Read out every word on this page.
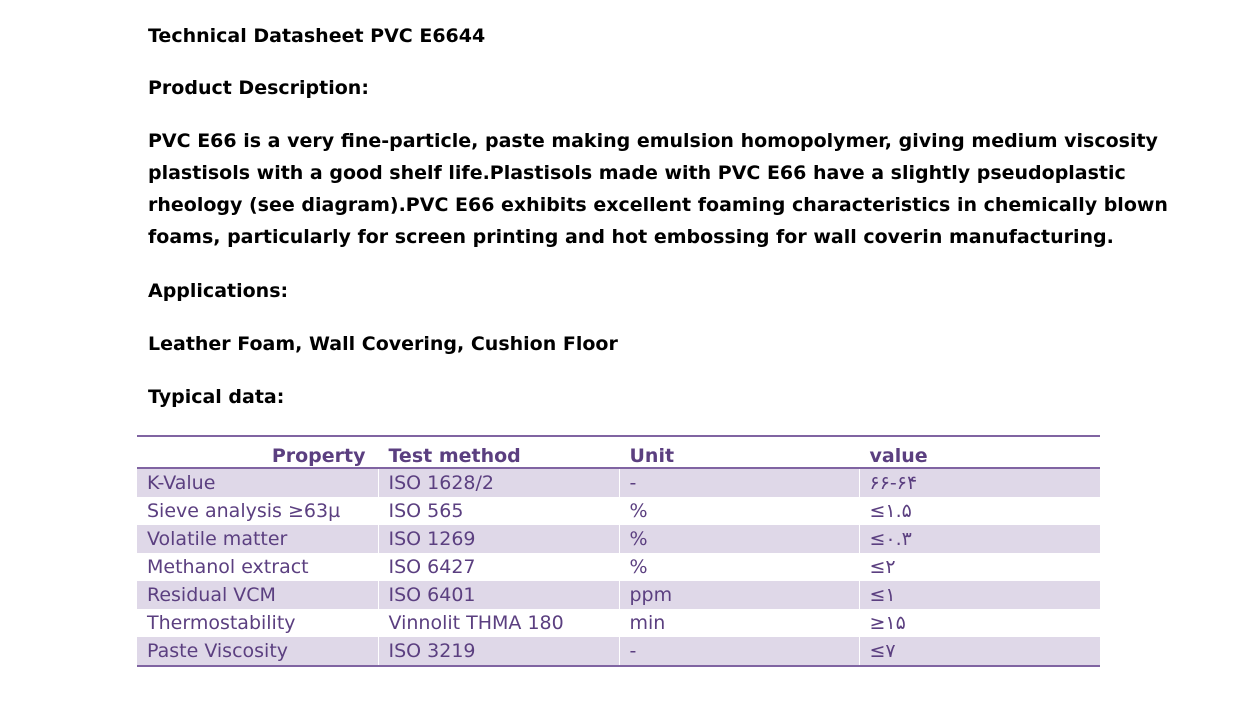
Technical Datasheet PVC E6644

Product Description:

PVC E66 is a very fine-particle, paste making emulsion homopolymer, giving medium viscosity
plastisols with a good shelf life.Plastisols made with PVC E66 have a slightly pseudoplastic
rheology (see diagram).PVC E66 exhibits excellent foaming characteristics in chemically blown
foams, particularly for screen printing and hot embossing for wall coverin manufacturing.

Applications:

Leather Foam, Wall Covering, Cushion Floor

Typical data:

Property	Test method	Unit	value
K-Value	ISO 1628/2	-	۶۶-۶۴
Sieve analysis ≥63µ	ISO 565	%	≤۱.۵
Volatile matter	ISO 1269	%	≤۰.۳
Methanol extract	ISO 6427	%	≤۲
Residual VCM	ISO 6401	ppm	≤۱
Thermostability	Vinnolit THMA 180	min	≥۱۵
Paste Viscosity	ISO 3219	-	≤۷
